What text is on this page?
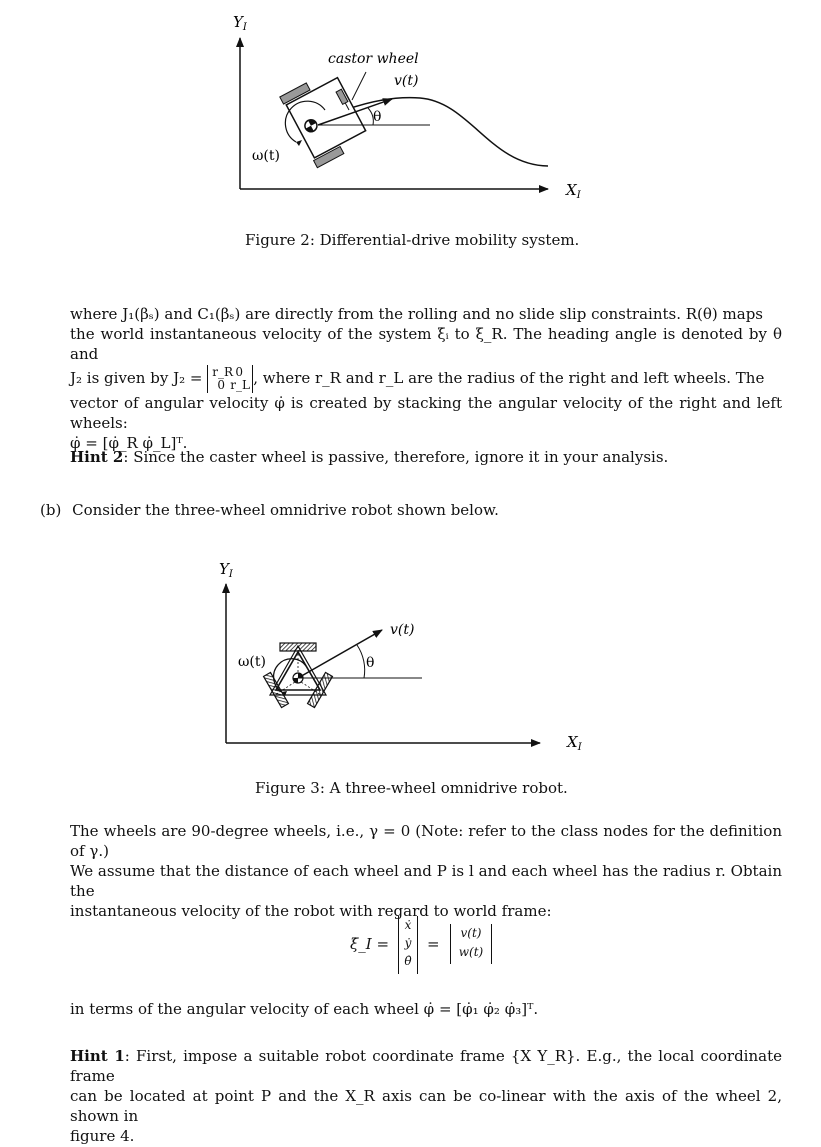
$Y_I$
$X_I$
castor wheel
v(t)
θ
ω(t)
Figure 2: Differential-drive mobility system.
where J₁(βₛ) and C₁(βₛ) are directly from the rolling and no slide slip constraints. R(θ) maps
the world instantaneous velocity of the system ξ̇ᵢ to ξ_R. The heading angle is denoted by θ and
J₂ is given by J₂ = r_R 0
0 r_L , where r_R and r_L are the radius of the right and left wheels. The
vector of angular velocity φ̇ is created by stacking the angular velocity of the right and left wheels:
φ̇ = [φ̇_R φ̇_L]ᵀ.
Hint 2: Since the caster wheel is passive, therefore, ignore it in your analysis.
(b) Consider the three-wheel omnidrive robot shown below.
$Y_I$
$X_I$
v(t)
θ
ω(t)
Figure 3: A three-wheel omnidrive robot.
The wheels are 90-degree wheels, i.e., γ = 0 (Note: refer to the class nodes for the definition of γ.)
We assume that the distance of each wheel and P is l and each wheel has the radius r. Obtain the
instantaneous velocity of the robot with regard to world frame:
ξ̇_I =
ẋ
ẏ
θ̇
=
v(t)
w(t)
in terms of the angular velocity of each wheel φ̇ = [φ̇₁ φ̇₂ φ̇₃]ᵀ.
Hint 1: First, impose a suitable robot coordinate frame {X Y_R}. E.g., the local coordinate frame
can be located at point P and the X_R axis can be co-linear with the axis of the wheel 2, shown in
figure 4.
